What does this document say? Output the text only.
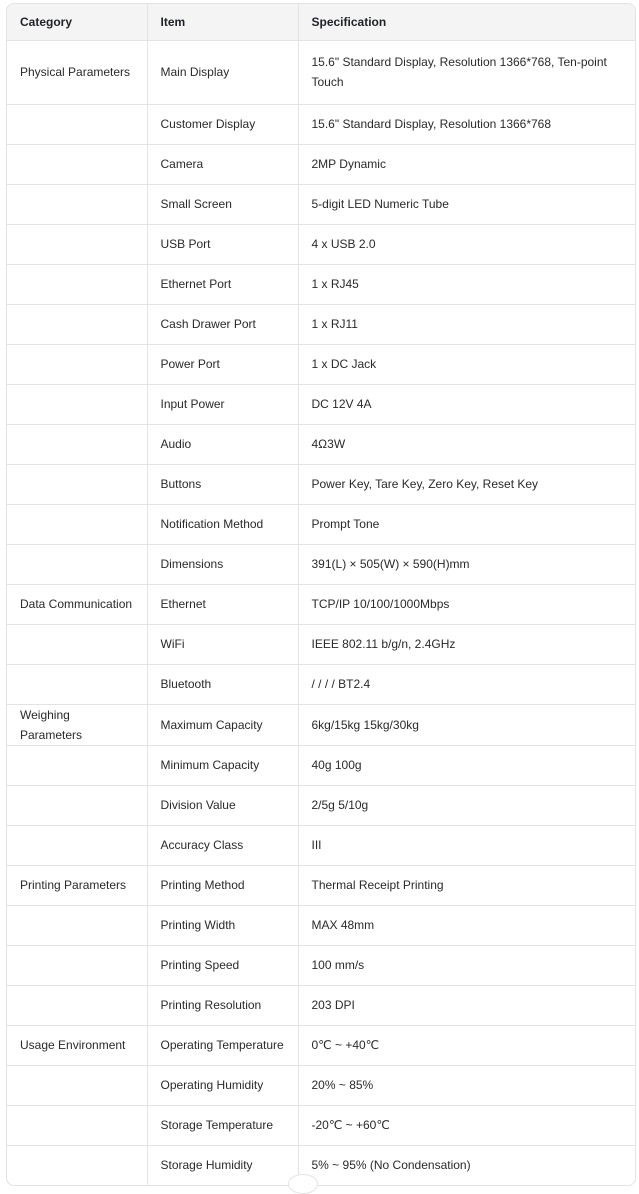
Category	Item	Specification
Physical Parameters	Main Display	15.6" Standard Display, Resolution 1366*768, Ten-point Touch
	Customer Display	15.6" Standard Display, Resolution 1366*768
	Camera	2MP Dynamic
	Small Screen	5-digit LED Numeric Tube
	USB Port	4 x USB 2.0
	Ethernet Port	1 x RJ45
	Cash Drawer Port	1 x RJ11
	Power Port	1 x DC Jack
	Input Power	DC 12V 4A
	Audio	4Ω3W
	Buttons	Power Key, Tare Key, Zero Key, Reset Key
	Notification Method	Prompt Tone
	Dimensions	391(L) × 505(W) × 590(H)mm
Data Communication	Ethernet	TCP/IP 10/100/1000Mbps
	WiFi	IEEE 802.11 b/g/n, 2.4GHz
	Bluetooth	/ / / / BT2.4
Weighing Parameters	Maximum Capacity	6kg/15kg 15kg/30kg
	Minimum Capacity	40g 100g
	Division Value	2/5g 5/10g
	Accuracy Class	III
Printing Parameters	Printing Method	Thermal Receipt Printing
	Printing Width	MAX 48mm
	Printing Speed	100 mm/s
	Printing Resolution	203 DPI
Usage Environment	Operating Temperature	0℃ ~ +40℃
	Operating Humidity	20% ~ 85%
	Storage Temperature	-20℃ ~ +60℃
	Storage Humidity	5% ~ 95% (No Condensation)
